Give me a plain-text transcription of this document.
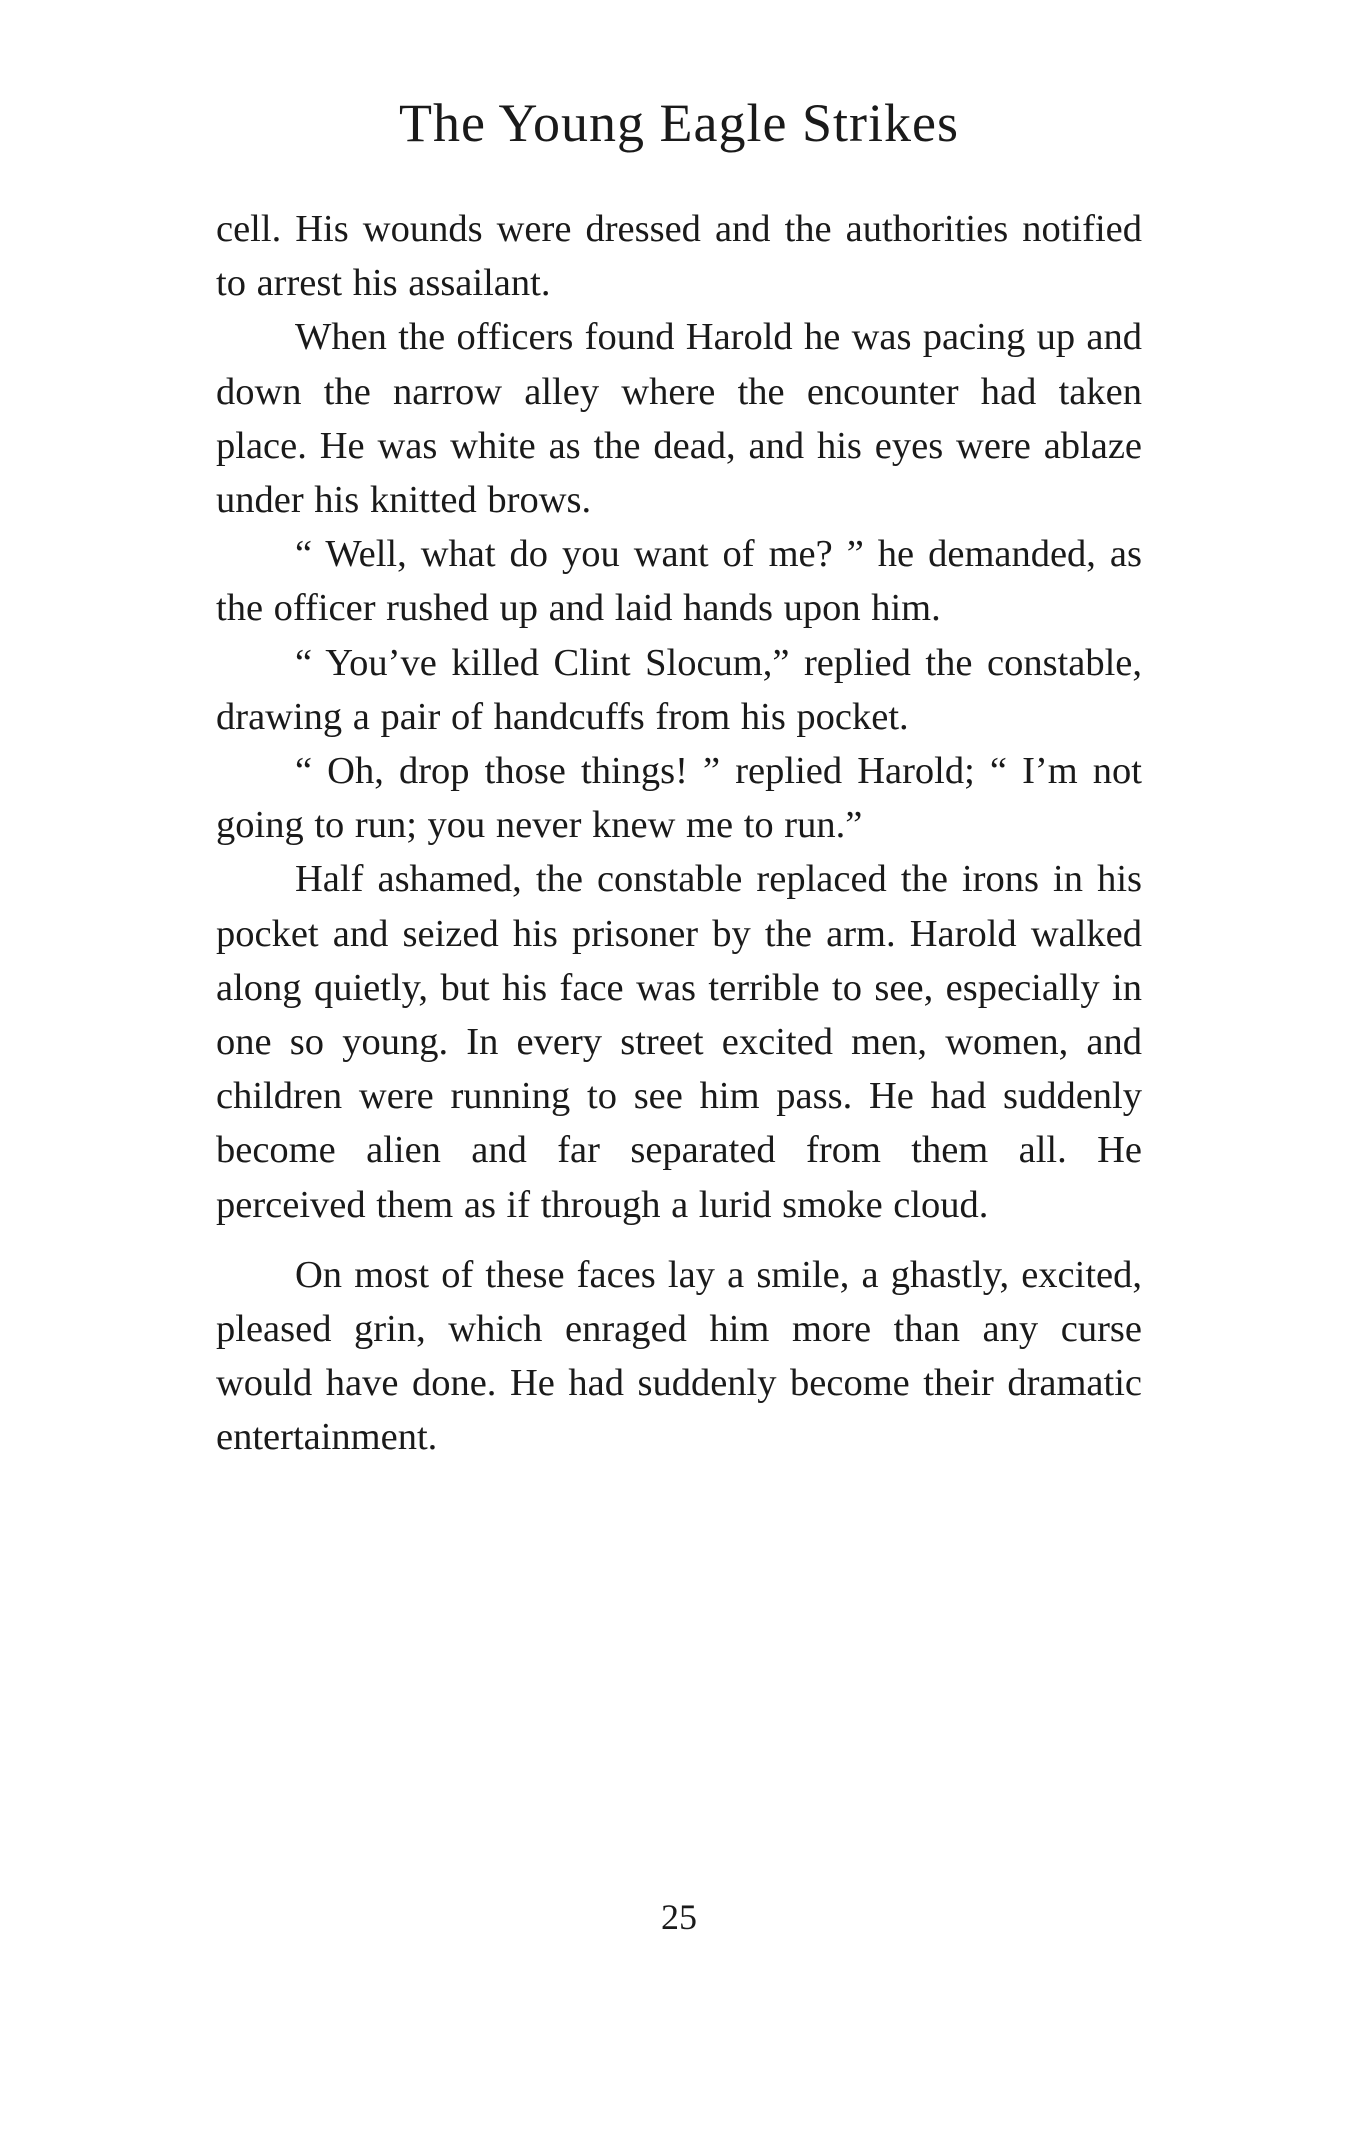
The Young Eagle Strikes

cell. His wounds were dressed and the authorities notified to arrest his assailant.

When the officers found Harold he was pacing up and down the narrow alley where the encounter had taken place. He was white as the dead, and his eyes were ablaze under his knitted brows.

“ Well, what do you want of me? ” he demanded, as the officer rushed up and laid hands upon him.

“ You’ve killed Clint Slocum,” replied the constable, drawing a pair of handcuffs from his pocket.

“ Oh, drop those things! ” replied Harold; “ I’m not going to run; you never knew me to run.”

Half ashamed, the constable replaced the irons in his pocket and seized his prisoner by the arm. Harold walked along quietly, but his face was terrible to see, especially in one so young. In every street excited men, women, and children were running to see him pass. He had suddenly become alien and far separated from them all. He perceived them as if through a lurid smoke cloud.

On most of these faces lay a smile, a ghastly, excited, pleased grin, which enraged him more than any curse would have done. He had suddenly become their dramatic entertainment.

25
